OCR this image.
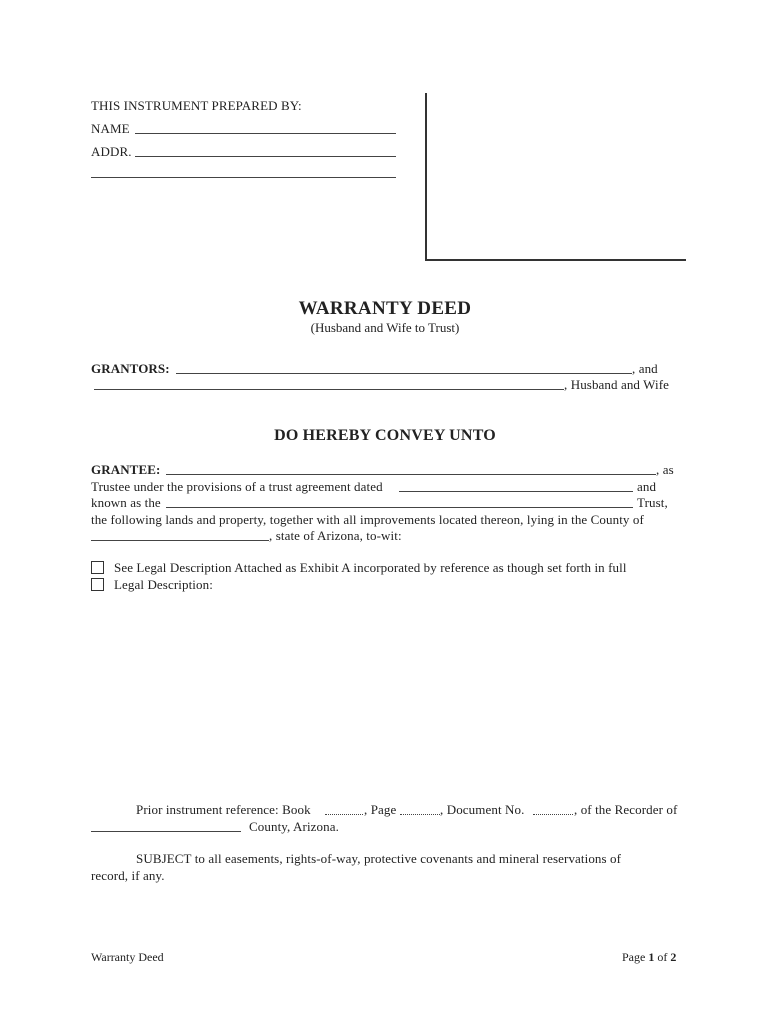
THIS INSTRUMENT PREPARED BY:
NAME
ADDR.
WARRANTY DEED
(Husband and Wife to Trust)
GRANTORS:	, and
, Husband and Wife
DO HEREBY CONVEY UNTO
GRANTEE:	, as
Trustee under the provisions of a trust agreement dated	and
known as the	Trust,
the following lands and property, together with all improvements located thereon, lying in the County of
, state of Arizona, to-wit:
See Legal Description Attached as Exhibit A incorporated by reference as though set forth in full
Legal Description:
Prior instrument reference: Book	, Page	, Document No.	, of the Recorder of
County, Arizona.
SUBJECT to all easements, rights-of-way, protective covenants and mineral reservations of
record, if any.
Warranty Deed	Page 1 of 2
